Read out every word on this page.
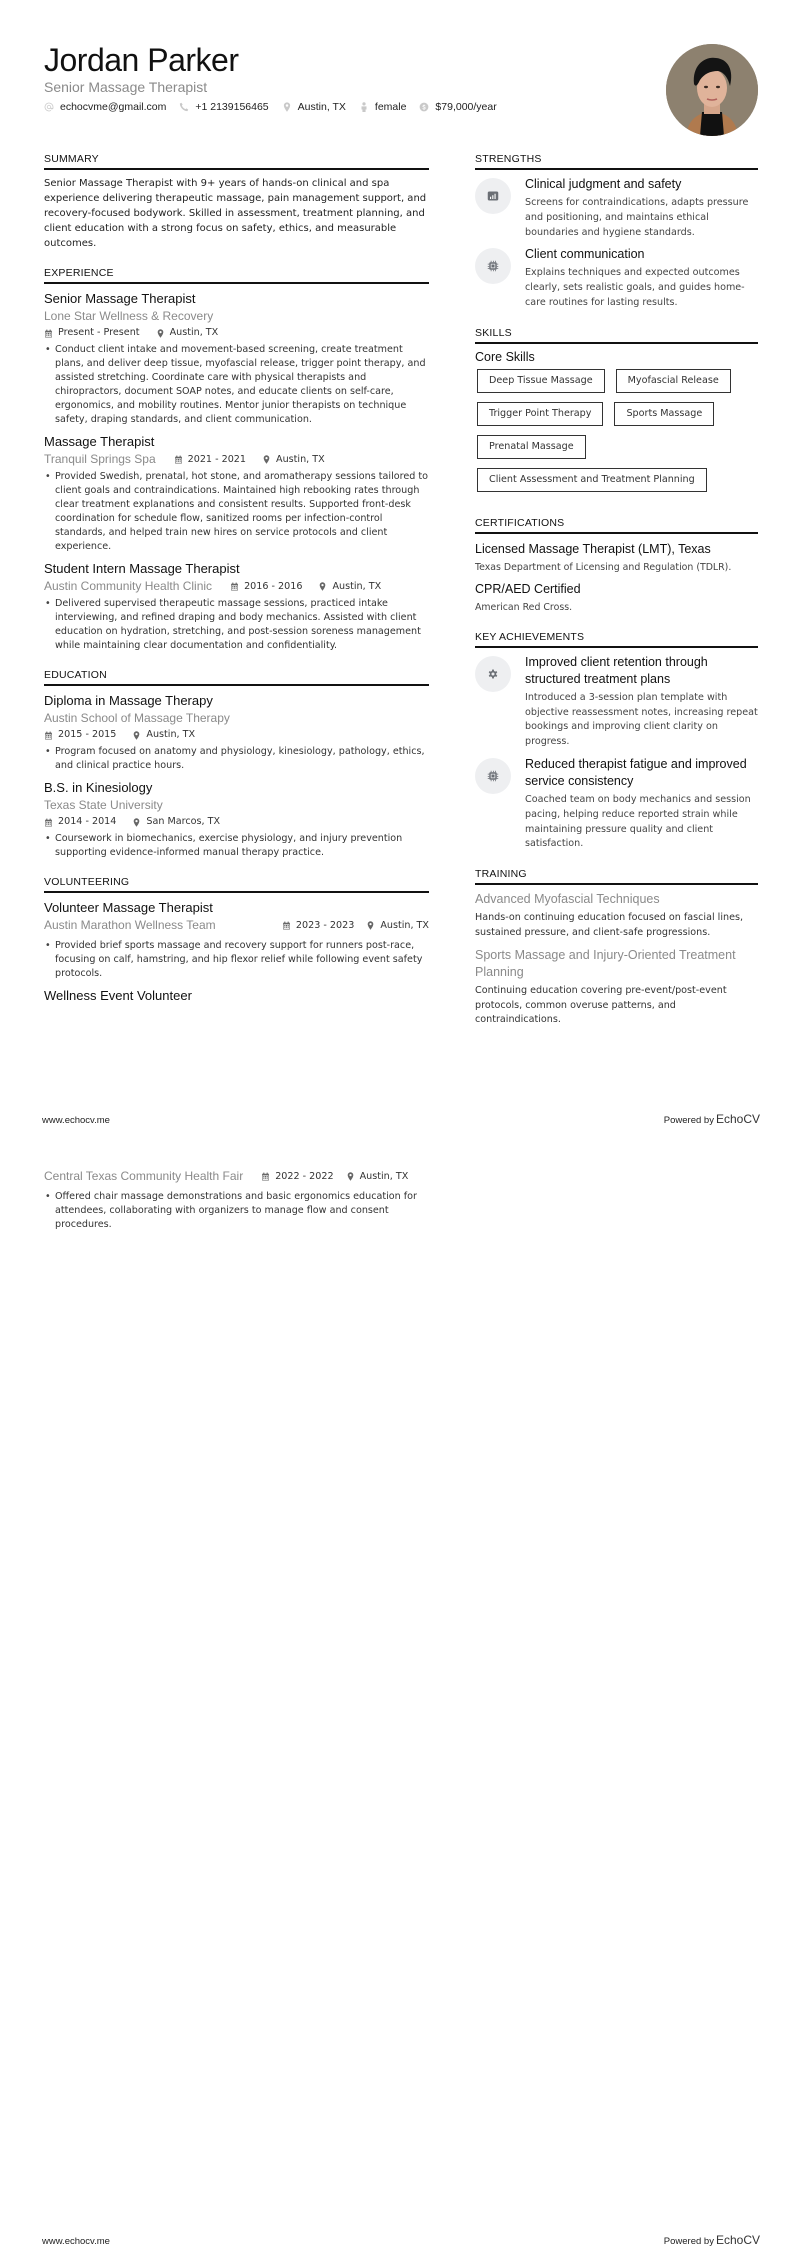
Jordan Parker
Senior Massage Therapist
echocvme@gmail.com	+1 2139156465	Austin, TX	female	$79,000/year
SUMMARY
Senior Massage Therapist with 9+ years of hands-on clinical and spa experience delivering therapeutic massage, pain management support, and recovery-focused bodywork. Skilled in assessment, treatment planning, and client education with a strong focus on safety, ethics, and measurable outcomes.
EXPERIENCE
Senior Massage Therapist
Lone Star Wellness & Recovery
Present - Present	Austin, TX
• Conduct client intake and movement-based screening, create treatment plans, and deliver deep tissue, myofascial release, trigger point therapy, and assisted stretching. Coordinate care with physical therapists and chiropractors, document SOAP notes, and educate clients on self-care, ergonomics, and mobility routines. Mentor junior therapists on technique safety, draping standards, and client communication.
Massage Therapist
Tranquil Springs Spa	2021 - 2021	Austin, TX
• Provided Swedish, prenatal, hot stone, and aromatherapy sessions tailored to client goals and contraindications. Maintained high rebooking rates through clear treatment explanations and consistent results. Supported front-desk coordination for schedule flow, sanitized rooms per infection-control standards, and helped train new hires on service protocols and client experience.
Student Intern Massage Therapist
Austin Community Health Clinic	2016 - 2016	Austin, TX
• Delivered supervised therapeutic massage sessions, practiced intake interviewing, and refined draping and body mechanics. Assisted with client education on hydration, stretching, and post-session soreness management while maintaining clear documentation and confidentiality.
EDUCATION
Diploma in Massage Therapy
Austin School of Massage Therapy
2015 - 2015	Austin, TX
• Program focused on anatomy and physiology, kinesiology, pathology, ethics, and clinical practice hours.
B.S. in Kinesiology
Texas State University
2014 - 2014	San Marcos, TX
• Coursework in biomechanics, exercise physiology, and injury prevention supporting evidence-informed manual therapy practice.
VOLUNTEERING
Volunteer Massage Therapist
Austin Marathon Wellness Team	2023 - 2023	Austin, TX
• Provided brief sports massage and recovery support for runners post-race, focusing on calf, hamstring, and hip flexor relief while following event safety protocols.
Wellness Event Volunteer
STRENGTHS
Clinical judgment and safety
Screens for contraindications, adapts pressure and positioning, and maintains ethical boundaries and hygiene standards.
Client communication
Explains techniques and expected outcomes clearly, sets realistic goals, and guides home-care routines for lasting results.
SKILLS
Core Skills
Deep Tissue Massage	Myofascial Release
Trigger Point Therapy	Sports Massage
Prenatal Massage
Client Assessment and Treatment Planning
CERTIFICATIONS
Licensed Massage Therapist (LMT), Texas
Texas Department of Licensing and Regulation (TDLR).
CPR/AED Certified
American Red Cross.
KEY ACHIEVEMENTS
Improved client retention through structured treatment plans
Introduced a 3-session plan template with objective reassessment notes, increasing repeat bookings and improving client clarity on progress.
Reduced therapist fatigue and improved service consistency
Coached team on body mechanics and session pacing, helping reduce reported strain while maintaining pressure quality and client satisfaction.
TRAINING
Advanced Myofascial Techniques
Hands-on continuing education focused on fascial lines, sustained pressure, and client-safe progressions.
Sports Massage and Injury-Oriented Treatment Planning
Continuing education covering pre-event/post-event protocols, common overuse patterns, and contraindications.
www.echocv.me	Powered by EchoCV
Central Texas Community Health Fair	2022 - 2022	Austin, TX
• Offered chair massage demonstrations and basic ergonomics education for attendees, collaborating with organizers to manage flow and consent procedures.
www.echocv.me	Powered by EchoCV
